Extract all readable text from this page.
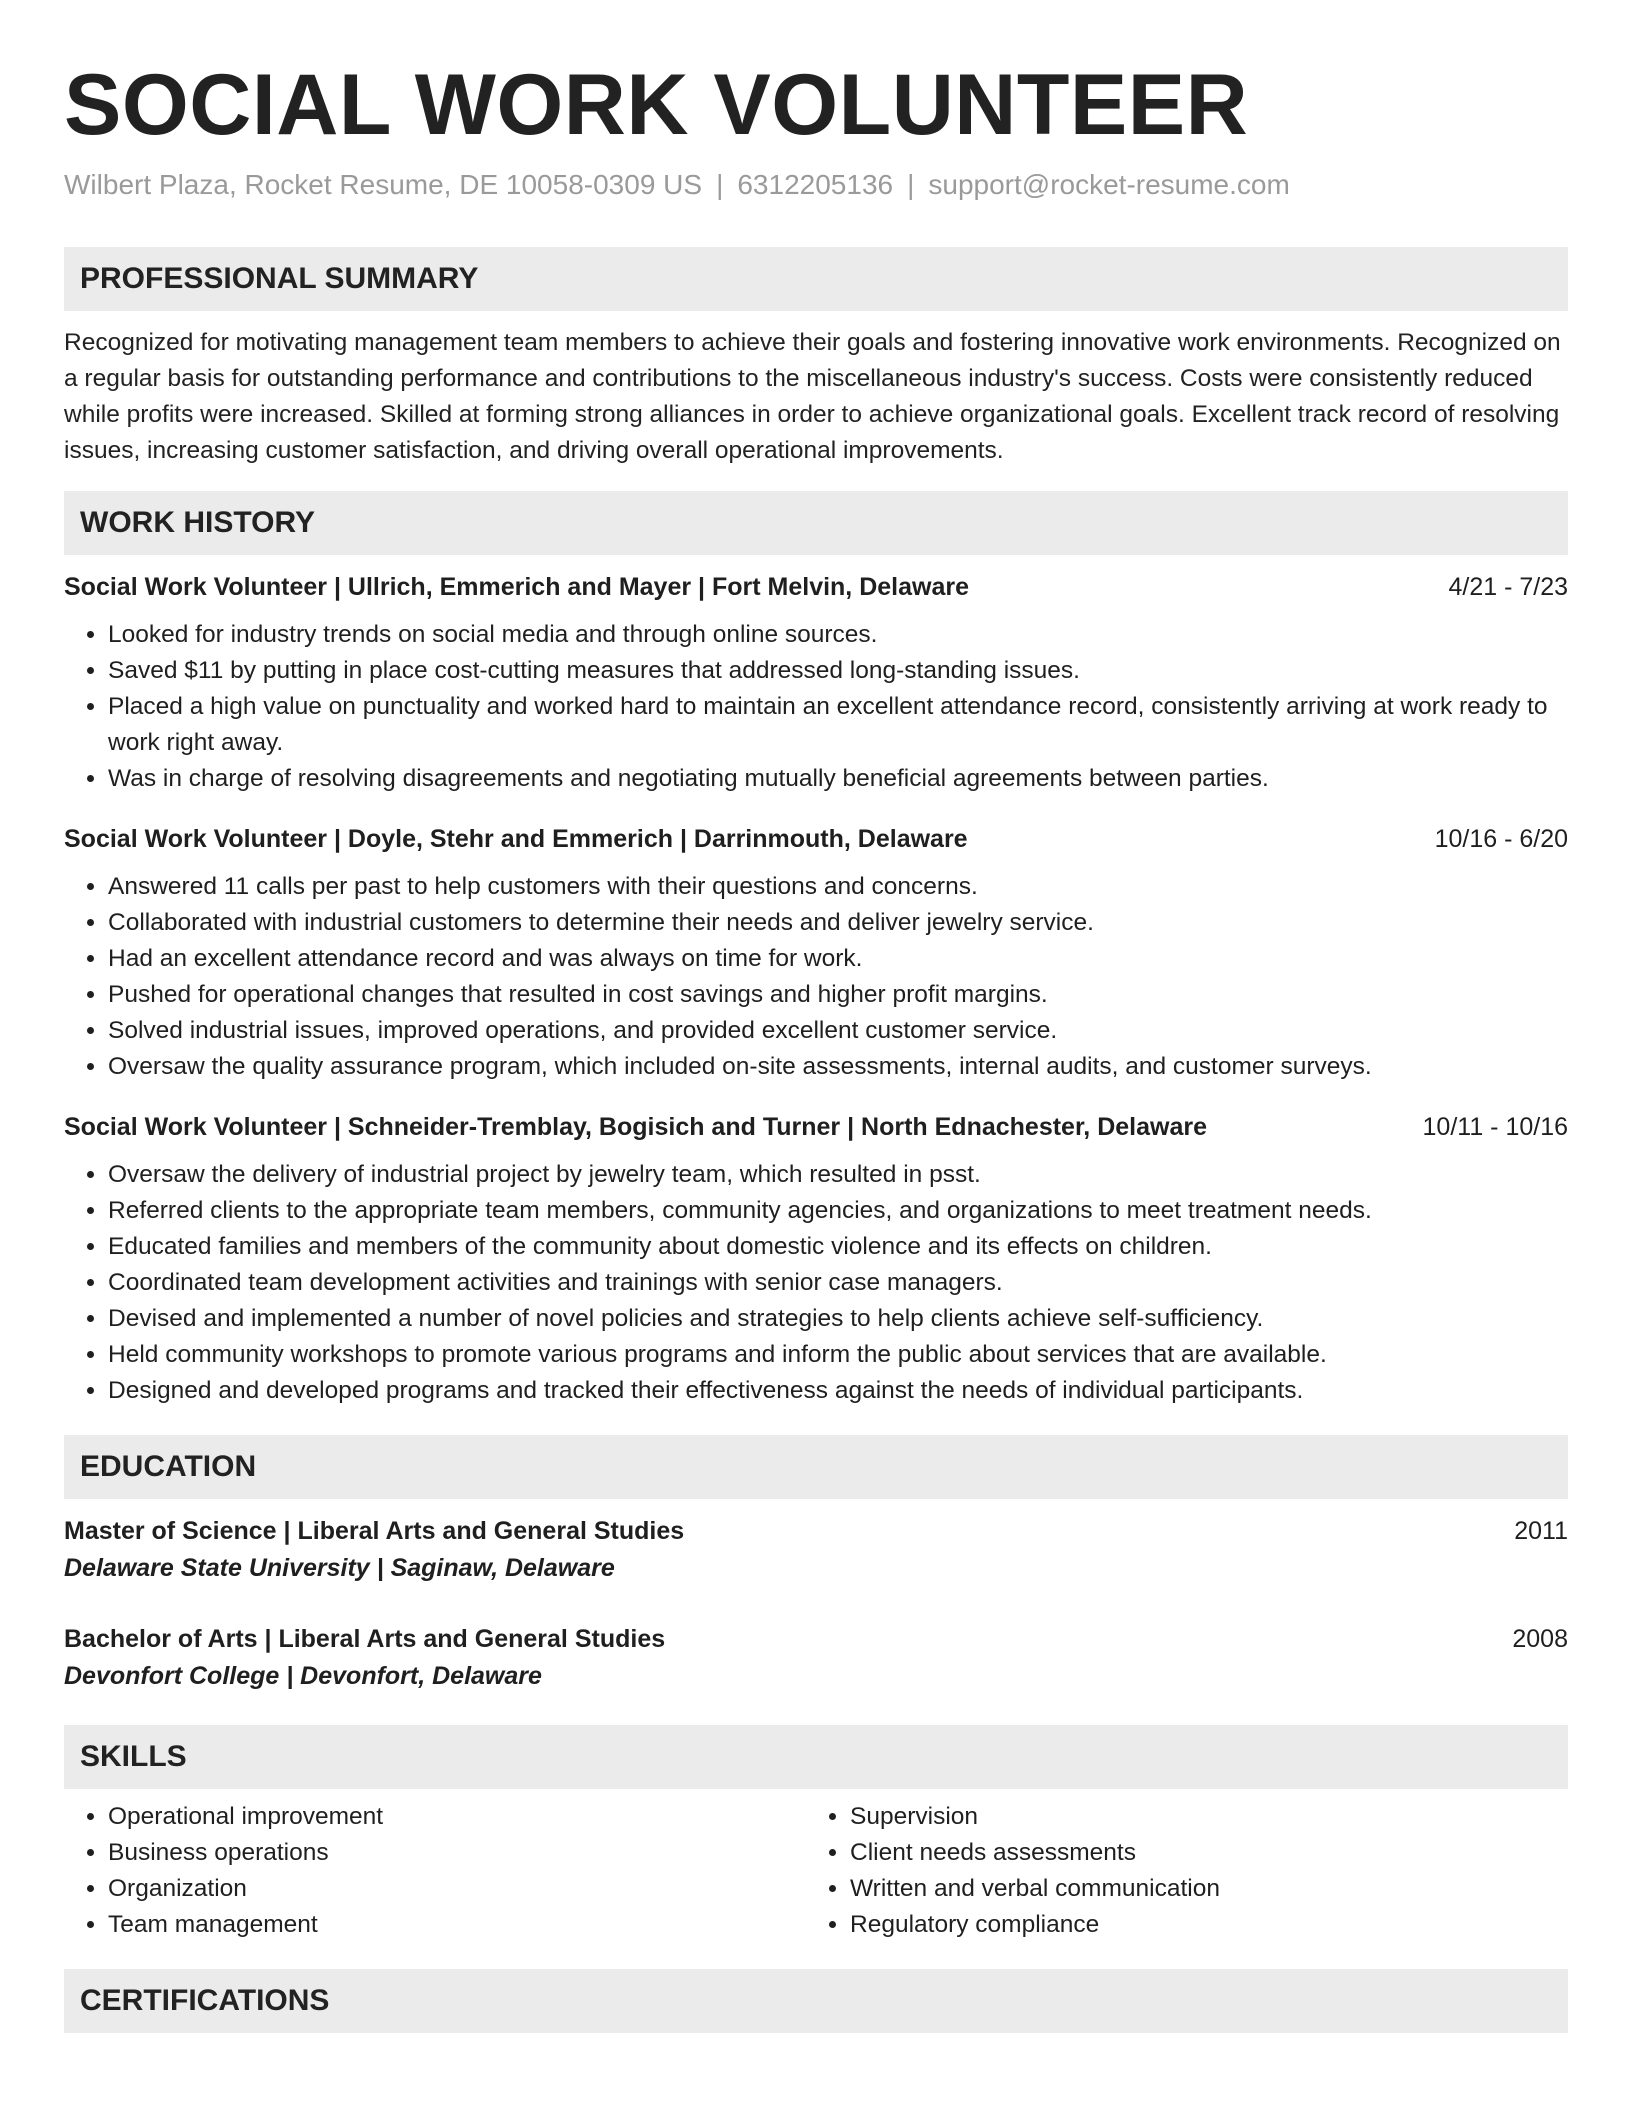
SOCIAL WORK VOLUNTEER
Wilbert Plaza, Rocket Resume, DE 10058-0309 US | 6312205136 | support@rocket-resume.com
PROFESSIONAL SUMMARY
Recognized for motivating management team members to achieve their goals and fostering innovative work environments. Recognized on a regular basis for outstanding performance and contributions to the miscellaneous industry's success. Costs were consistently reduced while profits were increased. Skilled at forming strong alliances in order to achieve organizational goals. Excellent track record of resolving issues, increasing customer satisfaction, and driving overall operational improvements.
WORK HISTORY
Social Work Volunteer | Ullrich, Emmerich and Mayer | Fort Melvin, Delaware	4/21 - 7/23
• Looked for industry trends on social media and through online sources.
• Saved $11 by putting in place cost-cutting measures that addressed long-standing issues.
• Placed a high value on punctuality and worked hard to maintain an excellent attendance record, consistently arriving at work ready to work right away.
• Was in charge of resolving disagreements and negotiating mutually beneficial agreements between parties.
Social Work Volunteer | Doyle, Stehr and Emmerich | Darrinmouth, Delaware	10/16 - 6/20
• Answered 11 calls per past to help customers with their questions and concerns.
• Collaborated with industrial customers to determine their needs and deliver jewelry service.
• Had an excellent attendance record and was always on time for work.
• Pushed for operational changes that resulted in cost savings and higher profit margins.
• Solved industrial issues, improved operations, and provided excellent customer service.
• Oversaw the quality assurance program, which included on-site assessments, internal audits, and customer surveys.
Social Work Volunteer | Schneider-Tremblay, Bogisich and Turner | North Ednachester, Delaware	10/11 - 10/16
• Oversaw the delivery of industrial project by jewelry team, which resulted in psst.
• Referred clients to the appropriate team members, community agencies, and organizations to meet treatment needs.
• Educated families and members of the community about domestic violence and its effects on children.
• Coordinated team development activities and trainings with senior case managers.
• Devised and implemented a number of novel policies and strategies to help clients achieve self-sufficiency.
• Held community workshops to promote various programs and inform the public about services that are available.
• Designed and developed programs and tracked their effectiveness against the needs of individual participants.
EDUCATION
Master of Science | Liberal Arts and General Studies	2011
Delaware State University | Saginaw, Delaware
Bachelor of Arts | Liberal Arts and General Studies	2008
Devonfort College | Devonfort, Delaware
SKILLS
• Operational improvement
• Business operations
• Organization
• Team management
• Supervision
• Client needs assessments
• Written and verbal communication
• Regulatory compliance
CERTIFICATIONS
